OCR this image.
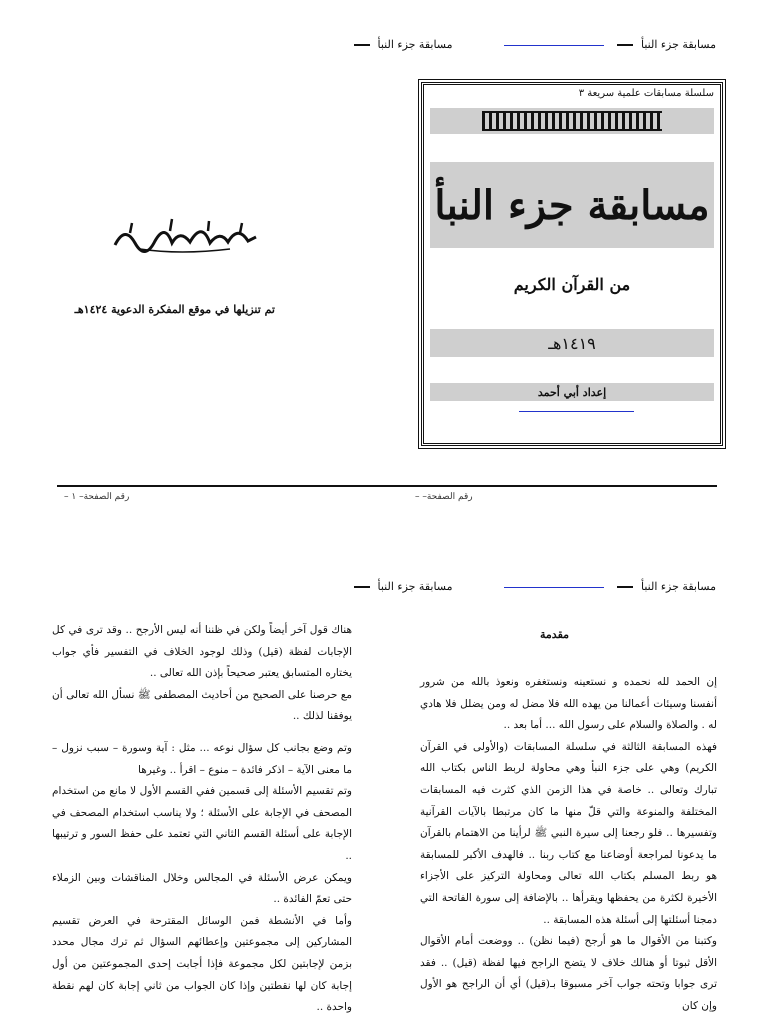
مسابقة جزء النبأ
مسابقة جزء النبأ
سلسلة مسابقات علمية سريعة ٣
مسابقة جزء النبأ
من القرآن الكريم
١٤١٩هـ
إعداد أبي أحمد
تم تنزيلها في موقع المفكرة الدعوية ١٤٢٤هـ
رقم الصفحة– ١ –	رقم الصفحة– –
مسابقة جزء النبأ
مسابقة جزء النبأ
مقدمة

إن الحمد لله نحمده و نستعينه ونستغفره ونعوذ بالله من شرور أنفسنا وسيئات أعمالنا من يهده الله فلا مضل له ومن يضلل فلا هادي له . والصلاة والسلام على رسول الله ... أما بعد ..

فهذه المسابقة الثالثة في سلسلة المسابقات (والأولى في القرآن الكريم) وهي على جزء النبأ وهي محاولة لربط الناس بكتاب الله تبارك وتعالى .. خاصة في هذا الزمن الذي كثرت فيه المسابقات المختلفة والمنوعة والتي قلّ منها ما كان مرتبطا بالآيات القرآنية وتفسيرها .. فلو رجعنا إلى سيرة النبي ﷺ لرأينا من الاهتمام بالقرآن ما يدعونا لمراجعة أوضاعنا مع كتاب ربنا .. فالهدف الأكبر للمسابقة هو ربط المسلم بكتاب الله تعالى ومحاولة التركيز على الأجزاء الأخيرة لكثرة من يحفظها ويقرأها .. بالإضافة إلى سورة الفاتحة التي دمجنا أسئلتها إلى أسئلة هذه المسابقة ..

وكتبنا من الأقوال ما هو أرجح (فيما نظن) .. ووضعت أمام الأقوال الأقل ثبوتا أو هنالك خلاف لا يتضح الراجح فيها لفظة (قيل) .. فقد ترى جوابا وتحته جواب آخر مسبوقا بـ(قيل) أي أن الراجح هو الأول وإن كان

هناك قول آخر أيضاً ولكن في ظننا أنه ليس الأرجح .. وقد ترى في كل الإجابات لفظة (قيل) وذلك لوجود الخلاف في التفسير فأي جواب يختاره المتسابق يعتبر صحيحاً بإذن الله تعالى ..

مع حرصنا على الصحيح من أحاديث المصطفى ﷺ نسأل الله تعالى أن يوفقنا لذلك ..

وتم وضع بجانب كل سؤال نوعه ... مثل : آية وسورة – سبب نزول –ما معنى الآية – اذكر فائدة – منوع – اقرأ .. وغيرها

وتم تقسيم الأسئلة إلى قسمين ففي القسم الأول لا مانع من استخدام المصحف في الإجابة على الأسئلة ؛ ولا يناسب استخدام المصحف في الإجابة على أسئلة القسم الثاني التي تعتمد على حفظ السور و ترتيبها ..

ويمكن عرض الأسئلة في المجالس وخلال المناقشات وبين الزملاء حتى تعمّ الفائدة ..

وأما في الأنشطة فمن الوسائل المقترحة في العرض تقسيم المشاركين إلى مجموعتين وإعطائهم السؤال ثم ترك مجال محدد بزمن لإجابتين لكل مجموعة فإذا أجابت إحدى المجموعتين من أول إجابة كان لها نقطتين وإذا كان الجواب من ثاني إجابة كان لهم نقطة واحدة ..
